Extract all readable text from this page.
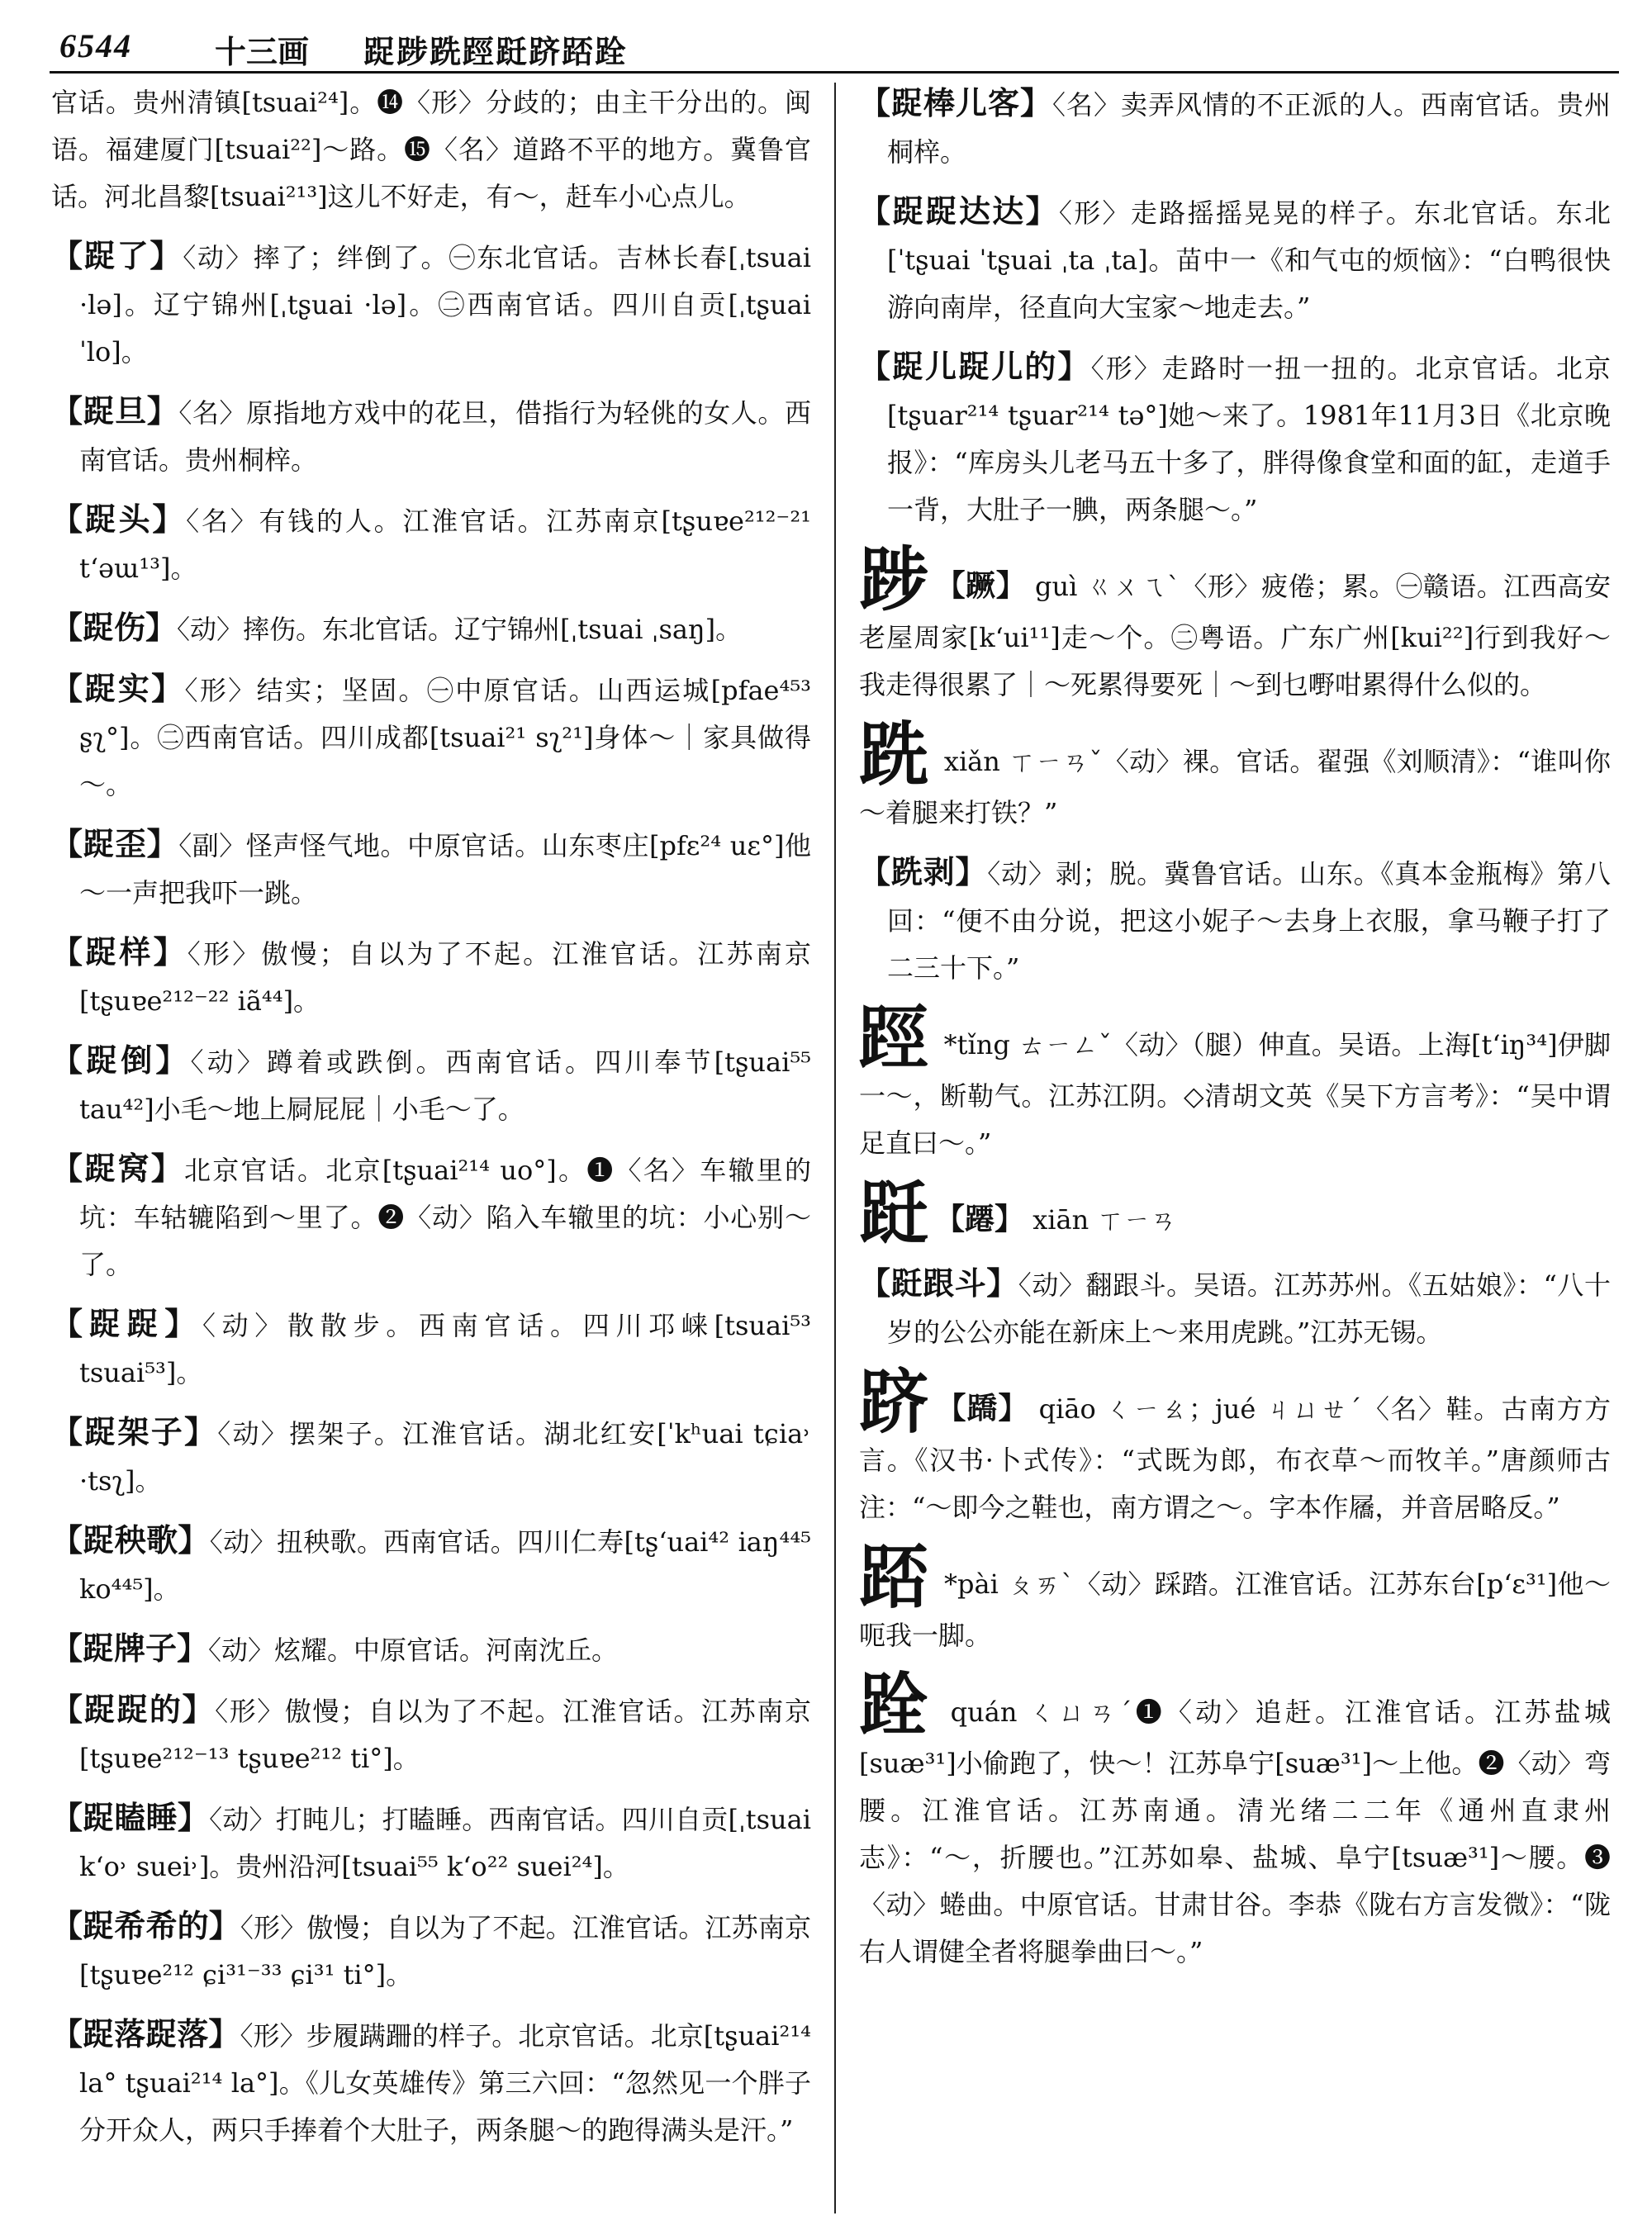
6544	十三画 踀踄跣踁跹跻踎跧

官话。贵州清镇[tsuai²⁴]。⓮〈形〉分歧的；由主干分出的。闽语。福建厦门[tsuai²²]～路。⓯〈名〉道路不平的地方。冀鲁官话。河北昌黎[tsuai²¹³]这儿不好走，有～，赶车小心点儿。

【踀了】〈动〉摔了；绊倒了。㊀东北官话。吉林长春[ˌtsuai ·lə]。辽宁锦州[ˌtʂuai ·lə]。㊁西南官话。四川自贡[ˌtʂuai ˈlo]。

【踀旦】〈名〉原指地方戏中的花旦，借指行为轻佻的女人。西南官话。贵州桐梓。

【踀头】〈名〉有钱的人。江淮官话。江苏南京[tʂuɐe²¹²⁻²¹ t‘əɯ¹³]。

【踀伤】〈动〉摔伤。东北官话。辽宁锦州[ˌtsuai ˌsaŋ]。

【踀实】〈形〉结实；坚固。㊀中原官话。山西运城[pfae⁴⁵³ ʂʅ°]。㊁西南官话。四川成都[tsuai²¹ sʅ²¹]身体～｜家具做得～。

【踀歪】〈副〉怪声怪气地。中原官话。山东枣庄[pfɛ²⁴ uɛ°]他～一声把我吓一跳。

【踀样】〈形〉傲慢；自以为了不起。江淮官话。江苏南京[tʂuɐe²¹²⁻²² iã⁴⁴]。

【踀倒】〈动〉蹲着或跌倒。西南官话。四川奉节[tʂuai⁵⁵ tau⁴²]小毛～地上屙屁屁｜小毛～了。

【踀窝】北京官话。北京[tʂuai²¹⁴ uo°]。❶〈名〉车辙里的坑：车轱辘陷到～里了。❷〈动〉陷入车辙里的坑：小心别～了。

【踀踀】〈动〉散散步。西南官话。四川邛崃[tsuai⁵³ tsuai⁵³]。

【踀架子】〈动〉摆架子。江淮官话。湖北红安[ˈkʰuai tɕia˒ ·tsʅ]。

【踀秧歌】〈动〉扭秧歌。西南官话。四川仁寿[tʂ‘uai⁴² iaŋ⁴⁴⁵ ko⁴⁴⁵]。

【踀牌子】〈动〉炫耀。中原官话。河南沈丘。

【踀踀的】〈形〉傲慢；自以为了不起。江淮官话。江苏南京[tʂuɐe²¹²⁻¹³ tʂuɐe²¹² ti°]。

【踀瞌睡】〈动〉打盹儿；打瞌睡。西南官话。四川自贡[ˌtsuai k‘o˒ suei˒]。贵州沿河[tsuai⁵⁵ k‘o²² suei²⁴]。

【踀希希的】〈形〉傲慢；自以为了不起。江淮官话。江苏南京[tʂuɐe²¹² ɕi³¹⁻³³ ɕi³¹ ti°]。

【踀落踀落】〈形〉步履蹒跚的样子。北京官话。北京[tʂuai²¹⁴ la° tʂuai²¹⁴ la°]。《儿女英雄传》第三六回：“忽然见一个胖子分开众人，两只手捧着个大肚子，两条腿～的跑得满头是汗。”

【踀棒儿客】〈名〉卖弄风情的不正派的人。西南官话。贵州桐梓。

【踀踀达达】〈形〉走路摇摇晃晃的样子。东北官话。东北[ˈtʂuai ˈtʂuai ˌta ˌta]。苗中一《和气屯的烦恼》：“白鸭很快游向南岸，径直向大宝家～地走去。”

【踀儿踀儿的】〈形〉走路时一扭一扭的。北京官话。北京[tʂuar²¹⁴ tʂuar²¹⁴ tə°]她～来了。1981年11月3日《北京晚报》：“库房头儿老马五十多了，胖得像食堂和面的缸，走道手一背，大肚子一腆，两条腿～。”

踄 【蹶】 guì ㄍㄨㄟˋ〈形〉疲倦；累。㊀赣语。江西高安老屋周家[k‘ui¹¹]走～个。㊁粤语。广东广州[kui²²]行到我好～我走得很累了｜～死累得要死｜～到乜嘢咁累得什么似的。

跣 xiǎn ㄒㄧㄢˇ〈动〉裸。官话。翟强《刘顺清》：“谁叫你～着腿来打铁？”

【跣剥】〈动〉剥；脱。冀鲁官话。山东。《真本金瓶梅》第八回：“便不由分说，把这小妮子～去身上衣服，拿马鞭子打了二三十下。”

踁 *tǐng ㄊㄧㄥˇ〈动〉（腿）伸直。吴语。上海[t‘iŋ³⁴]伊脚一～，断勒气。江苏江阴。◇清胡文英《吴下方言考》：“吴中谓足直曰～。”

跹 【蹮】 xiān ㄒㄧㄢ

【跹跟斗】〈动〉翻跟斗。吴语。江苏苏州。《五姑娘》：“八十岁的公公亦能在新床上～来用虎跳。”江苏无锡。

跻 【蹻】 qiāo ㄑㄧㄠ；jué ㄐㄩㄝˊ〈名〉鞋。古南方方言。《汉书·卜式传》：“式既为郎，布衣草～而牧羊。”唐颜师古注：“～即今之鞋也，南方谓之～。字本作屩，并音居略反。”

踎 *pài ㄆㄞˋ〈动〉踩踏。江淮官话。江苏东台[p‘ɛ³¹]他～呃我一脚。

跧 quán ㄑㄩㄢˊ❶〈动〉追赶。江淮官话。江苏盐城[suæ³¹]小偷跑了，快～！江苏阜宁[suæ³¹]～上他。❷〈动〉弯腰。江淮官话。江苏南通。清光绪二二年《通州直隶州志》：“～，折腰也。”江苏如皋、盐城、阜宁[tsuæ³¹]～腰。❸〈动〉蜷曲。中原官话。甘肃甘谷。李恭《陇右方言发微》：“陇右人谓健全者将腿拳曲曰～。”
